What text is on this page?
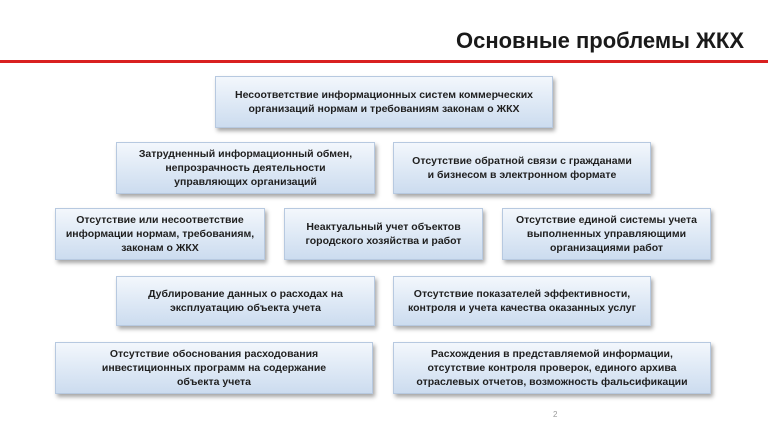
Основные проблемы ЖКХ
Несоответствие информационных систем коммерческих организаций нормам и требованиям законам о ЖКХ
Затрудненный информационный обмен, непрозрачность деятельности управляющих организаций
Отсутствие обратной связи с гражданами и бизнесом в электронном формате
Отсутствие или несоответствие информации нормам, требованиям, законам о ЖКХ
Неактуальный учет объектов городского хозяйства и работ
Отсутствие единой системы учета выполненных управляющими организациями работ
Дублирование данных о расходах на эксплуатацию объекта учета
Отсутствие показателей эффективности, контроля и учета качества оказанных услуг
Отсутствие обоснования расходования инвестиционных программ на содержание объекта учета
Расхождения в представляемой информации, отсутствие контроля проверок, единого архива отраслевых отчетов, возможность фальсификации
2
